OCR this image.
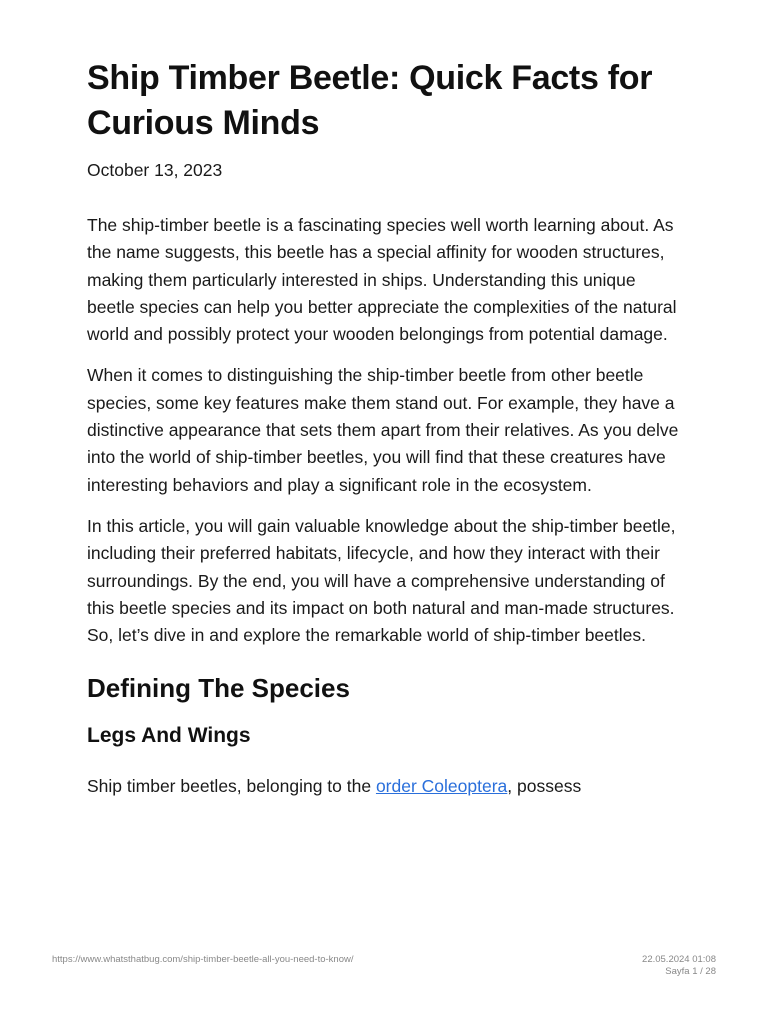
Ship Timber Beetle: Quick Facts for Curious Minds
October 13, 2023

The ship-timber beetle is a fascinating species well worth learning about. As the name suggests, this beetle has a special affinity for wooden structures, making them particularly interested in ships. Understanding this unique beetle species can help you better appreciate the complexities of the natural world and possibly protect your wooden belongings from potential damage.

When it comes to distinguishing the ship-timber beetle from other beetle species, some key features make them stand out. For example, they have a distinctive appearance that sets them apart from their relatives. As you delve into the world of ship-timber beetles, you will find that these creatures have interesting behaviors and play a significant role in the ecosystem.

In this article, you will gain valuable knowledge about the ship-timber beetle, including their preferred habitats, lifecycle, and how they interact with their surroundings. By the end, you will have a comprehensive understanding of this beetle species and its impact on both natural and man-made structures. So, let’s dive in and explore the remarkable world of ship-timber beetles.

Defining The Species
Legs And Wings

Ship timber beetles, belonging to the order Coleoptera, possess

https://www.whatsthatbug.com/ship-timber-beetle-all-you-need-to-know/	22.05.2024 01:08
Sayfa 1 / 28
